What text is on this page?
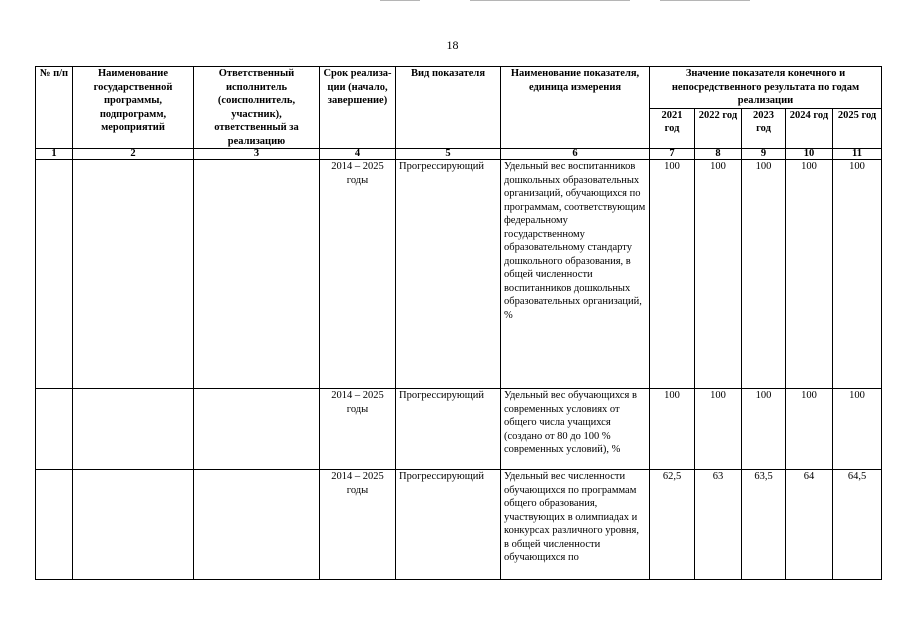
18
№ п/п	Наименование государственной программы, подпрограмм, мероприятий	Ответственный исполнитель (соисполнитель, участник), ответственный за реализацию	Срок реализа- ции (начало, завершение)	Вид показателя	Наименование показателя, единица измерения	Значение показателя конечного и непосредственного результата по годам реализации				
						2021 год	2022 год	2023 год	2024 год	2025 год
1	2	3	4	5	6	7	8	9	10	11
			2014 – 2025 годы	Прогрессирующий	Удельный вес воспитанников дошкольных образовательных организаций, обучающихся по программам, соответствующим федеральному государственному образовательному стандарту дошкольного образования, в общей численности воспитанников дошкольных образовательных организаций, %	100	100	100	100	100
			2014 – 2025 годы	Прогрессирующий	Удельный вес обучающихся в современных условиях от общего числа учащихся (создано от 80 до 100 % современных условий), %	100	100	100	100	100
			2014 – 2025 годы	Прогрессирующий	Удельный вес численности обучающихся по программам общего образования, участвующих в олимпиадах и конкурсах различного уровня, в общей численности обучающихся по	62,5	63	63,5	64	64,5
